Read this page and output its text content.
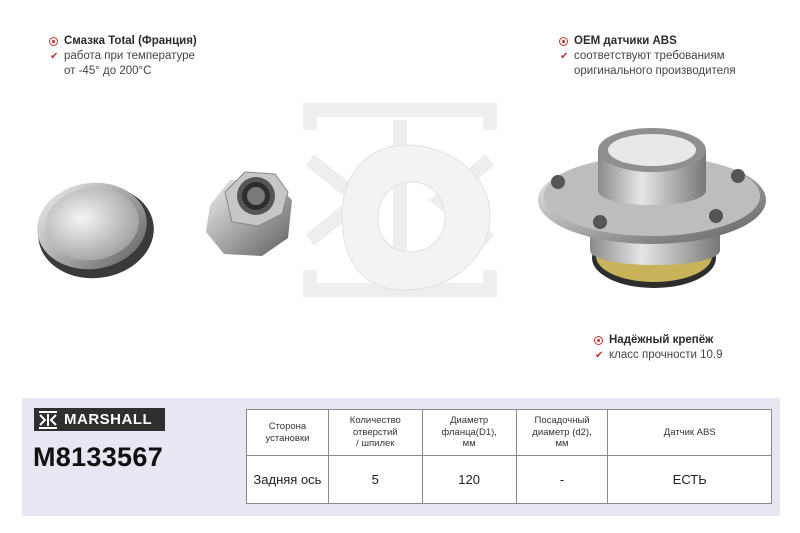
Смазка Total (Франция)
✔ работа при температуре
от -45° до 200°С
OEM датчики ABS
✔ соответствуют требованиям
оригинального производителя
Надёжный крепёж
✔ класс прочности 10.9
MARSHALL
M8133567
Сторона
установки	Количество
отверстий
/ шпилек	Диаметр
фланца(D1),
мм	Посадочный
диаметр (d2),
мм	Датчик ABS
Задняя ось	5	120	-	ЕСТЬ
